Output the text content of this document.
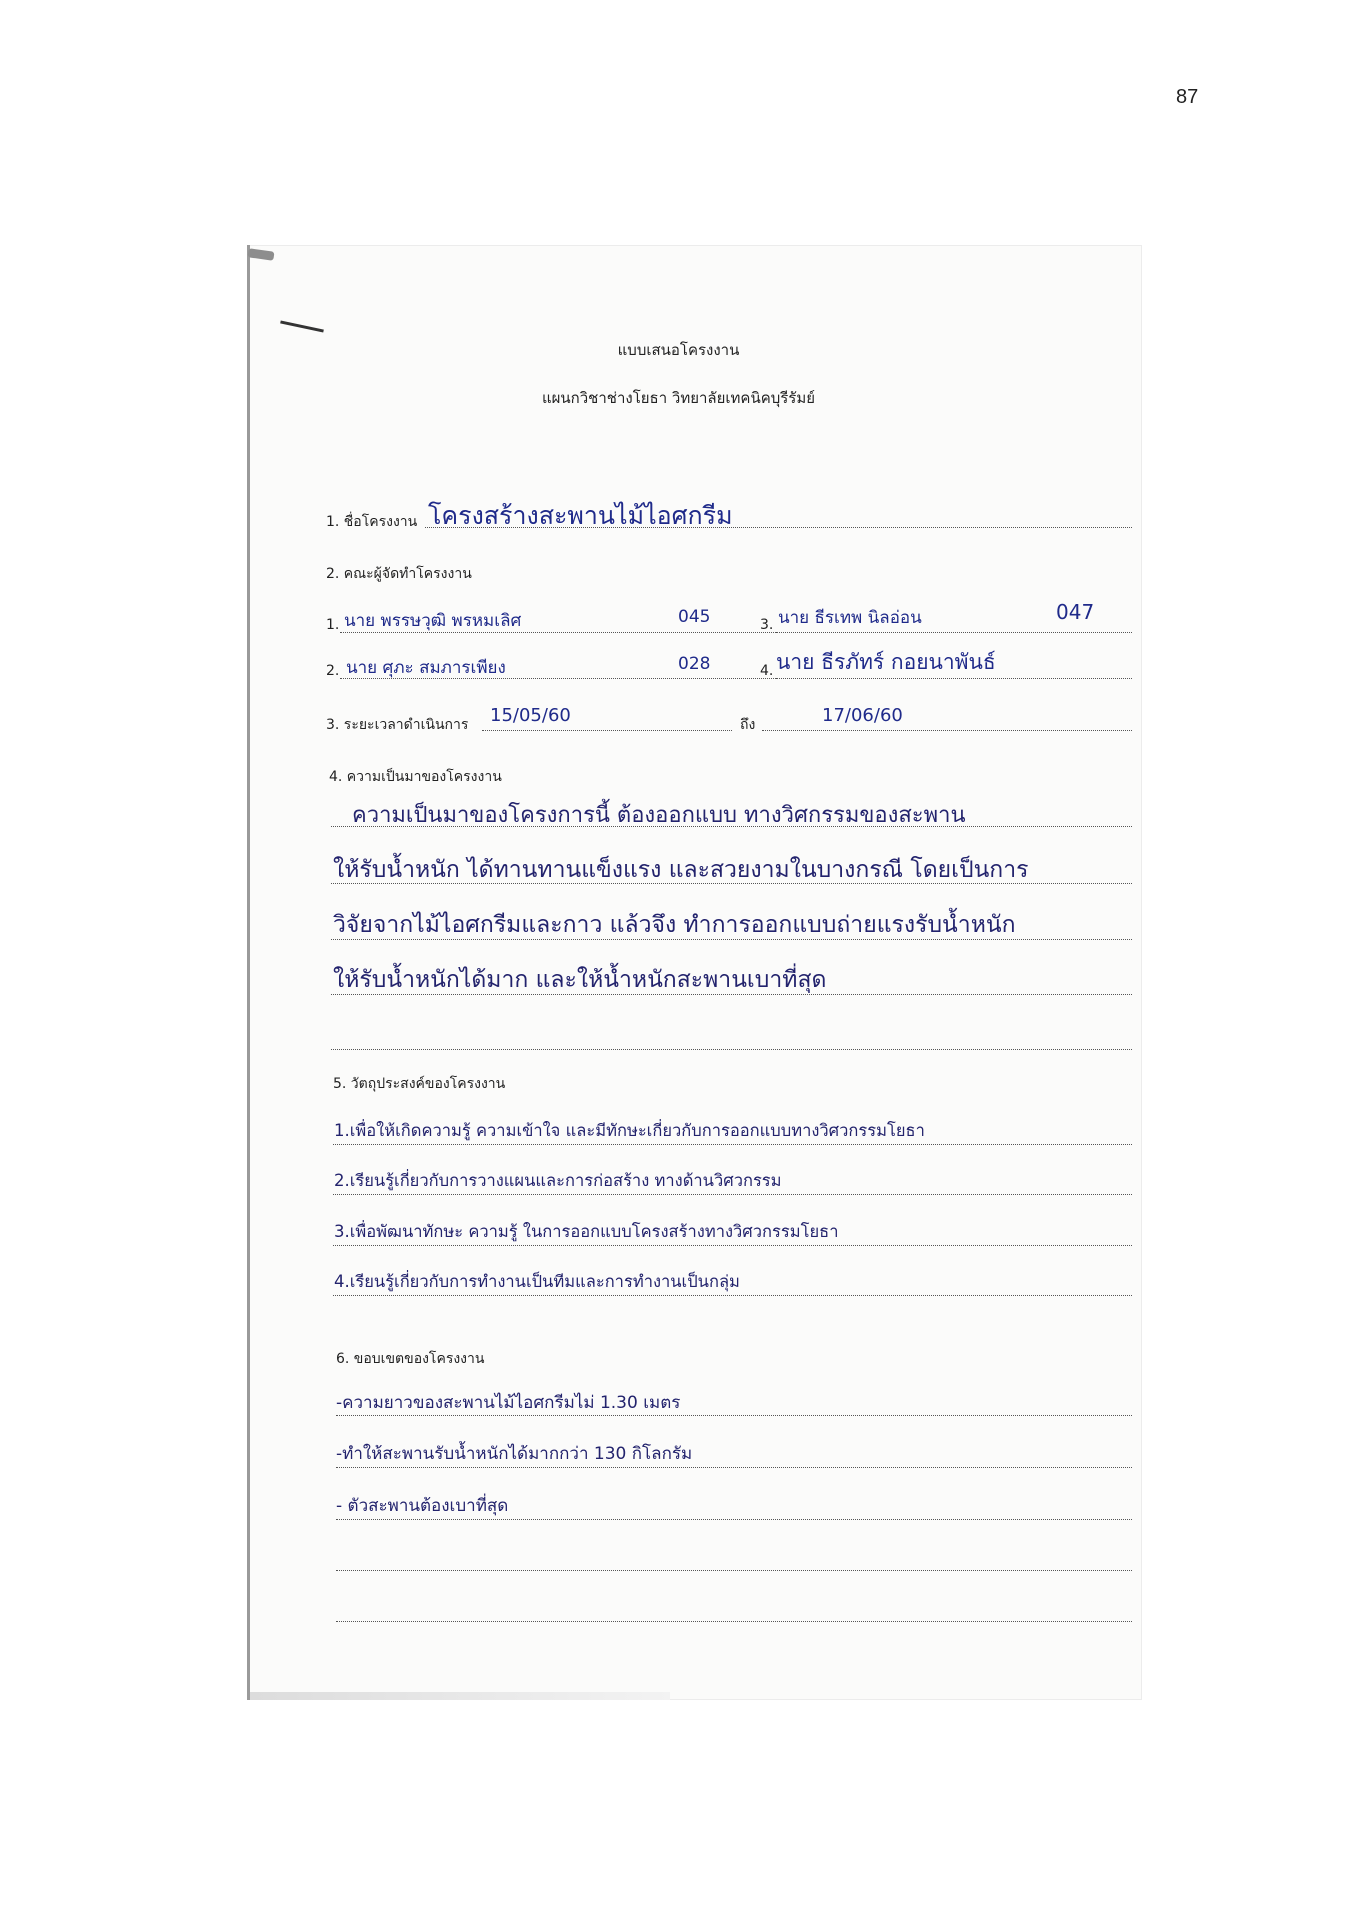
87
แบบเสนอโครงงาน
แผนกวิชาช่างโยธา วิทยาลัยเทคนิคบุรีรัมย์
1. ชื่อโครงงาน โครงสร้างสะพานไม้ไอศกรีม
2. คณะผู้จัดทำโครงงาน
1. นาย พรรษวุฒิ พรหมเลิศ	045	3. นาย ธีรเทพ นิลอ่อน	047
2. นาย ศุภะ สมภารเพียง	028	4. นาย ธีรภัทร์ กอยนาพันธ์
3. ระยะเวลาดำเนินการ 15/05/60	ถึง	17/06/60
4. ความเป็นมาของโครงงาน
ความเป็นมาของโครงการนี้ ต้องออกแบบ ทางวิศกรรมของสะพาน
ให้รับน้ำหนัก ได้ทานทานแข็งแรง และสวยงามในบางกรณี โดยเป็นการ
วิจัยจากไม้ไอศกรีมและกาว แล้วจึง ทำการออกแบบถ่ายแรงรับน้ำหนัก
ให้รับน้ำหนักได้มาก และให้น้ำหนักสะพานเบาที่สุด
5. วัตถุประสงค์ของโครงงาน
1.เพื่อให้เกิดความรู้ ความเข้าใจ และมีทักษะเกี่ยวกับการออกแบบทางวิศวกรรมโยธา
2.เรียนรู้เกี่ยวกับการวางแผนและการก่อสร้าง ทางด้านวิศวกรรม
3.เพื่อพัฒนาทักษะ ความรู้ ในการออกแบบโครงสร้างทางวิศวกรรมโยธา
4.เรียนรู้เกี่ยวกับการทำงานเป็นทีมและการทำงานเป็นกลุ่ม
6. ขอบเขตของโครงงาน
-ความยาวของสะพานไม้ไอศกรีมไม่ 1.30 เมตร
-ทำให้สะพานรับน้ำหนักได้มากกว่า 130 กิโลกรัม
- ตัวสะพานต้องเบาที่สุด
